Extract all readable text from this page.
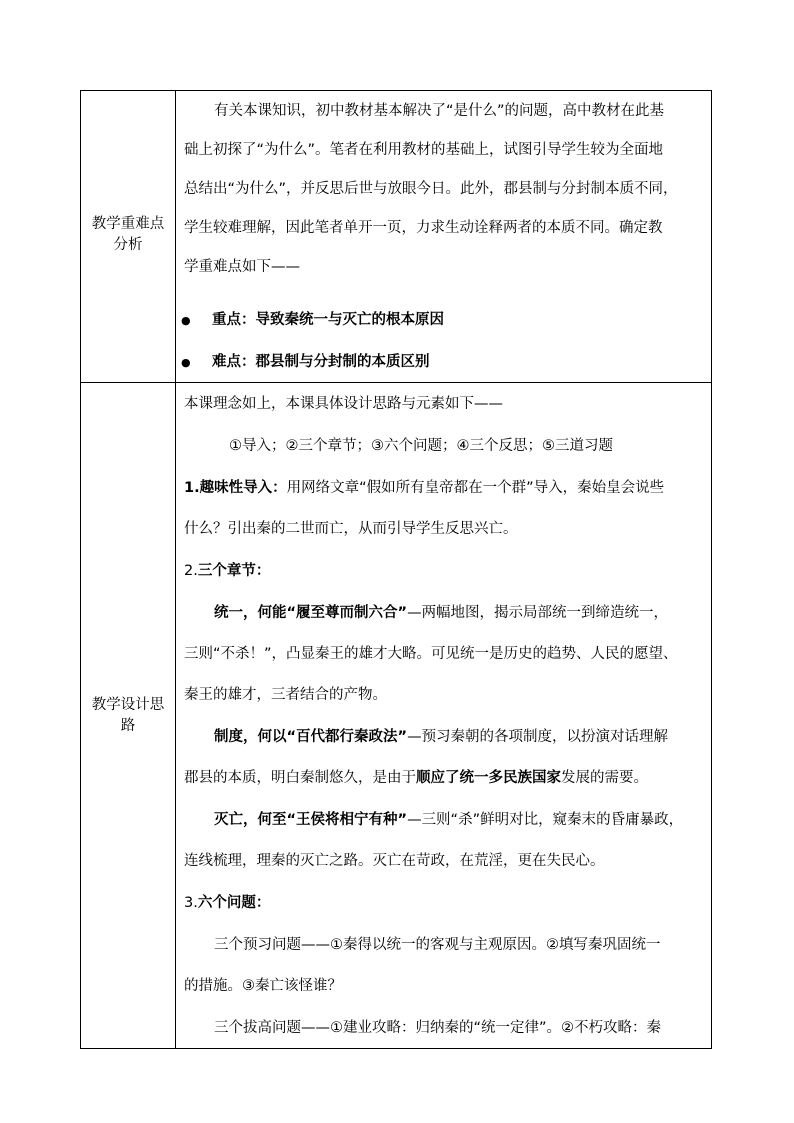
教学重难点
分析
有关本课知识，初中教材基本解决了“是什么”的问题，高中教材在此基
础上初探了“为什么”。笔者在利用教材的基础上，试图引导学生较为全面地
总结出“为什么”，并反思后世与放眼今日。此外，郡县制与分封制本质不同，
学生较难理解，因此笔者单开一页，力求生动诠释两者的本质不同。确定教
学重难点如下——
● 重点：导致秦统一与灭亡的根本原因
● 难点：郡县制与分封制的本质区别
教学设计思
路
本课理念如上，本课具体设计思路与元素如下——
①导入；②三个章节；③六个问题；④三个反思；⑤三道习题
1.趣味性导入：用网络文章“假如所有皇帝都在一个群”导入，秦始皇会说些
什么？引出秦的二世而亡，从而引导学生反思兴亡。
2.三个章节：
统一，何能“履至尊而制六合”—两幅地图，揭示局部统一到缔造统一，
三则“不杀！”，凸显秦王的雄才大略。可见统一是历史的趋势、人民的愿望、
秦王的雄才，三者结合的产物。
制度，何以“百代都行秦政法”—预习秦朝的各项制度，以扮演对话理解
郡县的本质，明白秦制悠久，是由于顺应了统一多民族国家发展的需要。
灭亡，何至“王侯将相宁有种”—三则“杀”鲜明对比，窥秦末的昏庸暴政，
连线梳理，理秦的灭亡之路。灭亡在苛政，在荒淫，更在失民心。
3.六个问题：
三个预习问题——①秦得以统一的客观与主观原因。②填写秦巩固统一
的措施。③秦亡该怪谁？
三个拔高问题——①建业攻略：归纳秦的“统一定律”。②不朽攻略：秦
